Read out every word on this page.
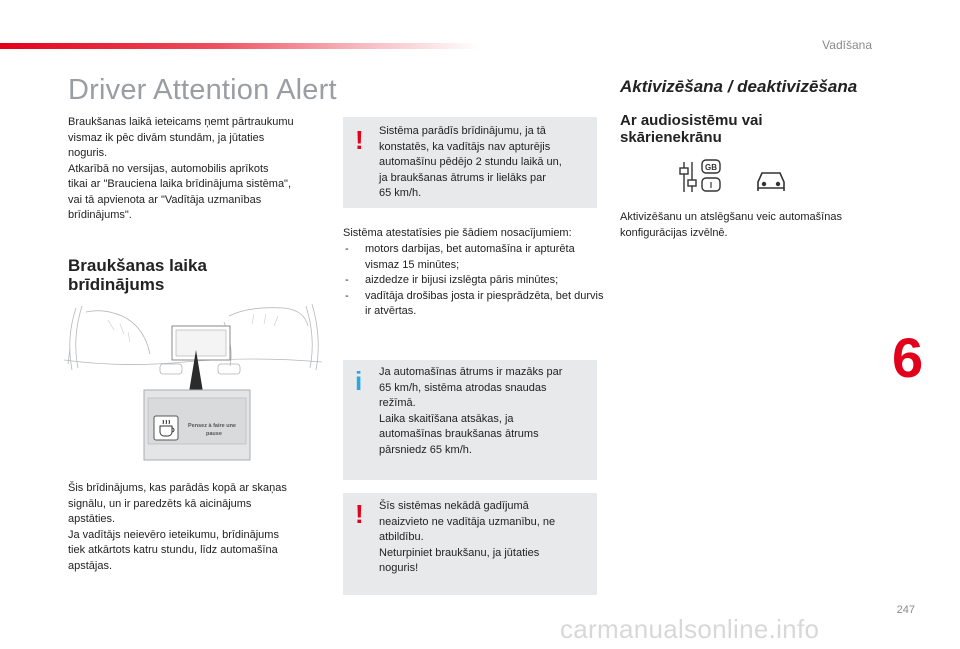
Vadīšana
Driver Attention Alert

Braukšanas laikā ieteicams ņemt pārtraukumu
vismaz ik pēc divām stundām, ja jūtaties
noguris.
Atkarībā no versijas, automobilis aprīkots
tikai ar "Brauciena laika brīdinājuma sistēma",
vai tā apvienota ar "Vadītāja uzmanības
brīdinājums".

Braukšanas laika
brīdinājums
Pensez à faire une
pause

Šis brīdinājums, kas parādās kopā ar skaņas
signālu, un ir paredzēts kā aicinājums
apstāties.
Ja vadītājs neievēro ieteikumu, brīdinājums
tiek atkārtots katru stundu, līdz automašīna
apstājas.

! Sistēma parādīs brīdinājumu, ja tā
konstatēs, ka vadītājs nav apturējis
automašīnu pēdējo 2 stundu laikā un,
ja braukšanas ātrums ir lielāks par
65 km/h.
Sistēma atestatīsies pie šādiem nosacījumiem:
- motors darbijas, bet automašīna ir apturēta vismaz 15 minūtes;
- aizdedze ir bijusi izslēgta pāris minūtes;
- vadītāja drošibas josta ir piesprādzēta, bet durvis ir atvērtas.
i Ja automašīnas ātrums ir mazāks par
65 km/h, sistēma atrodas snaudas
režīmā.
Laika skaitīšana atsākas, ja
automašīnas braukšanas ātrums
pārsniedz 65 km/h.
! Šīs sistēmas nekādā gadījumā
neaizvieto ne vadītāja uzmanību, ne
atbildību.
Neturpiniet braukšanu, ja jūtaties
noguris!
Aktivizēšana / deaktivizēšana
Ar audiosistēmu vai
skārienekrānu
GB
I

Aktivizēšanu un atslēgšanu veic automašīnas
konfigurācijas izvēlnē.

6
247
carmanualsonline.info
